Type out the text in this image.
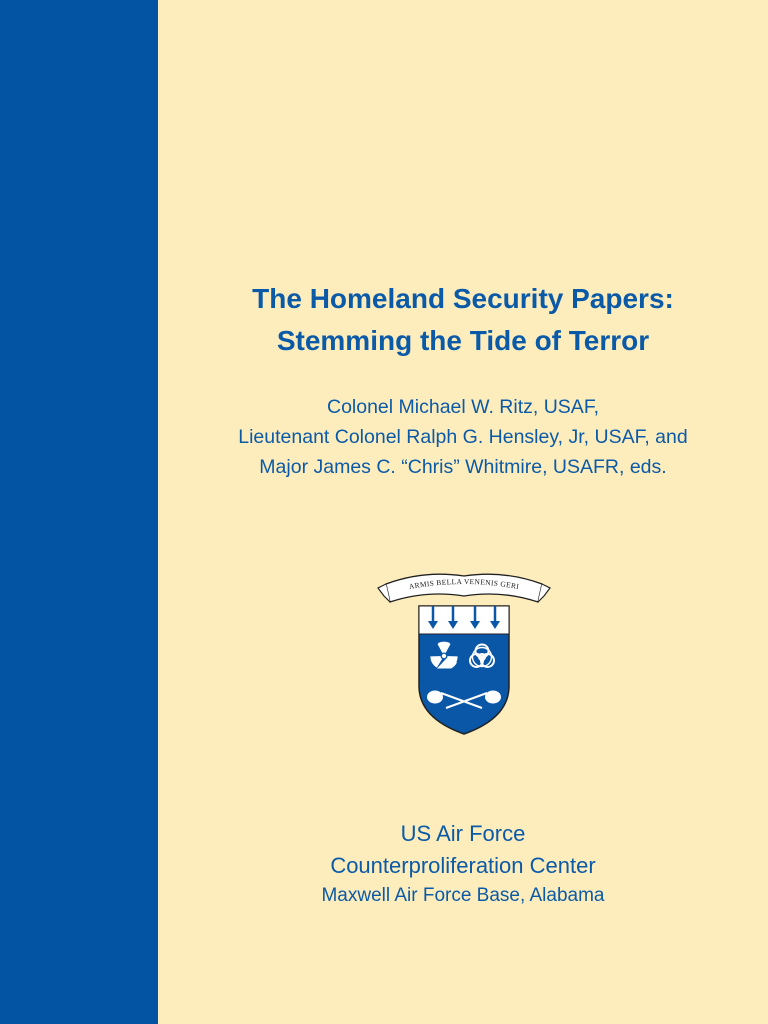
The Homeland Security Papers:
Stemming the Tide of Terror
Colonel Michael W. Ritz, USAF,
Lieutenant Colonel Ralph G. Hensley, Jr, USAF, and
Major James C. “Chris” Whitmire, USAFR, eds.
ARMIS BELLA VENENIS GERI
US Air Force
Counterproliferation Center
Maxwell Air Force Base, Alabama
